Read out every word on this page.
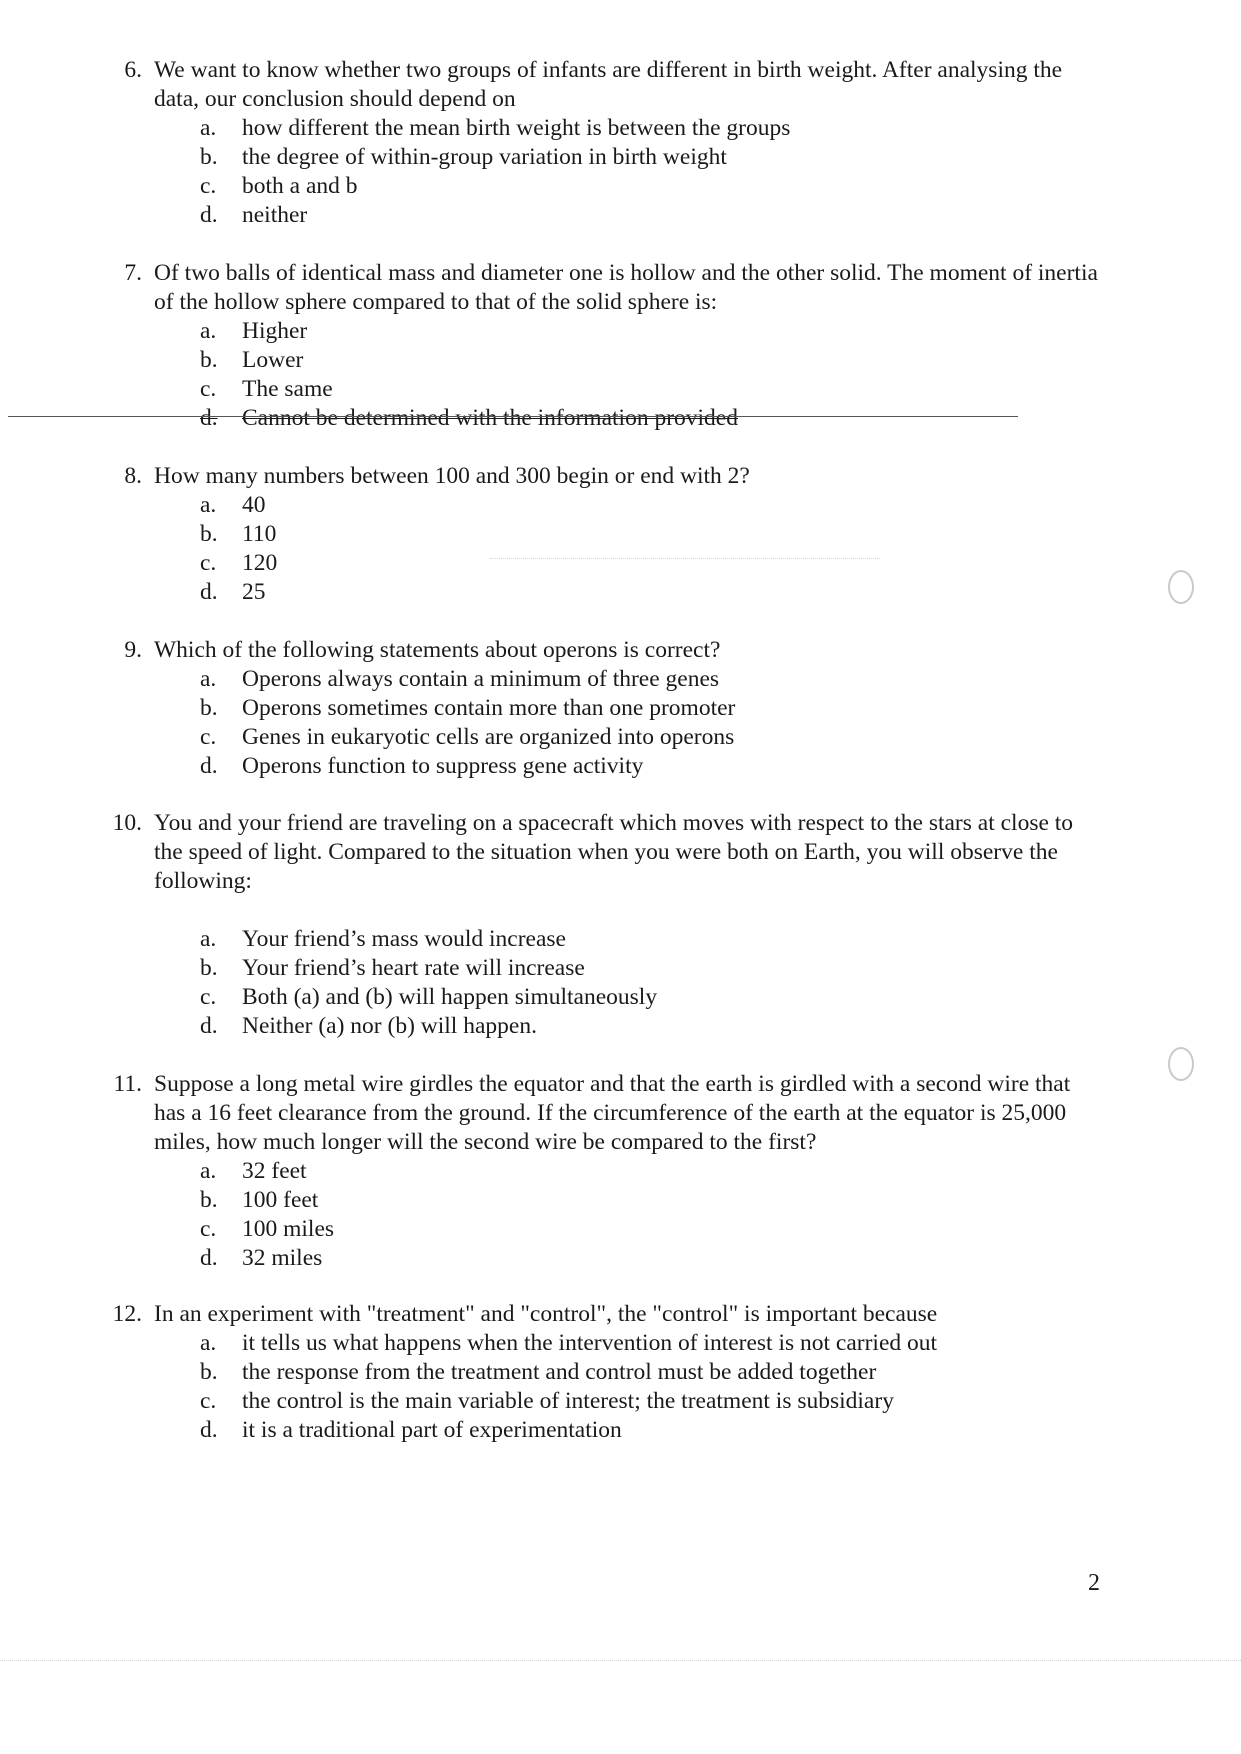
6. We want to know whether two groups of infants are different in birth weight. After analysing the data, our conclusion should depend on
a.	how different the mean birth weight is between the groups
b.	the degree of within-group variation in birth weight
c.	both a and b
d.	neither
7. Of two balls of identical mass and diameter one is hollow and the other solid. The moment of inertia of the hollow sphere compared to that of the solid sphere is:
a.	Higher
b.	Lower
c.	The same
d.	Cannot be determined with the information provided
8. How many numbers between 100 and 300 begin or end with 2?
a.	40
b.	110
c.	120
d.	25
9. Which of the following statements about operons is correct?
a.	Operons always contain a minimum of three genes
b.	Operons sometimes contain more than one promoter
c.	Genes in eukaryotic cells are organized into operons
d.	Operons function to suppress gene activity
10. You and your friend are traveling on a spacecraft which moves with respect to the stars at close to the speed of light. Compared to the situation when you were both on Earth, you will observe the following:
a.	Your friend’s mass would increase
b.	Your friend’s heart rate will increase
c.	Both (a) and (b) will happen simultaneously
d.	Neither (a) nor (b) will happen.
11. Suppose a long metal wire girdles the equator and that the earth is girdled with a second wire that has a 16 feet clearance from the ground. If the circumference of the earth at the equator is 25,000 miles, how much longer will the second wire be compared to the first?
a.	32 feet
b.	100 feet
c.	100 miles
d.	32 miles
12. In an experiment with "treatment" and "control", the "control" is important because
a.	it tells us what happens when the intervention of interest is not carried out
b.	the response from the treatment and control must be added together
c.	the control is the main variable of interest; the treatment is subsidiary
d.	it is a traditional part of experimentation
2
